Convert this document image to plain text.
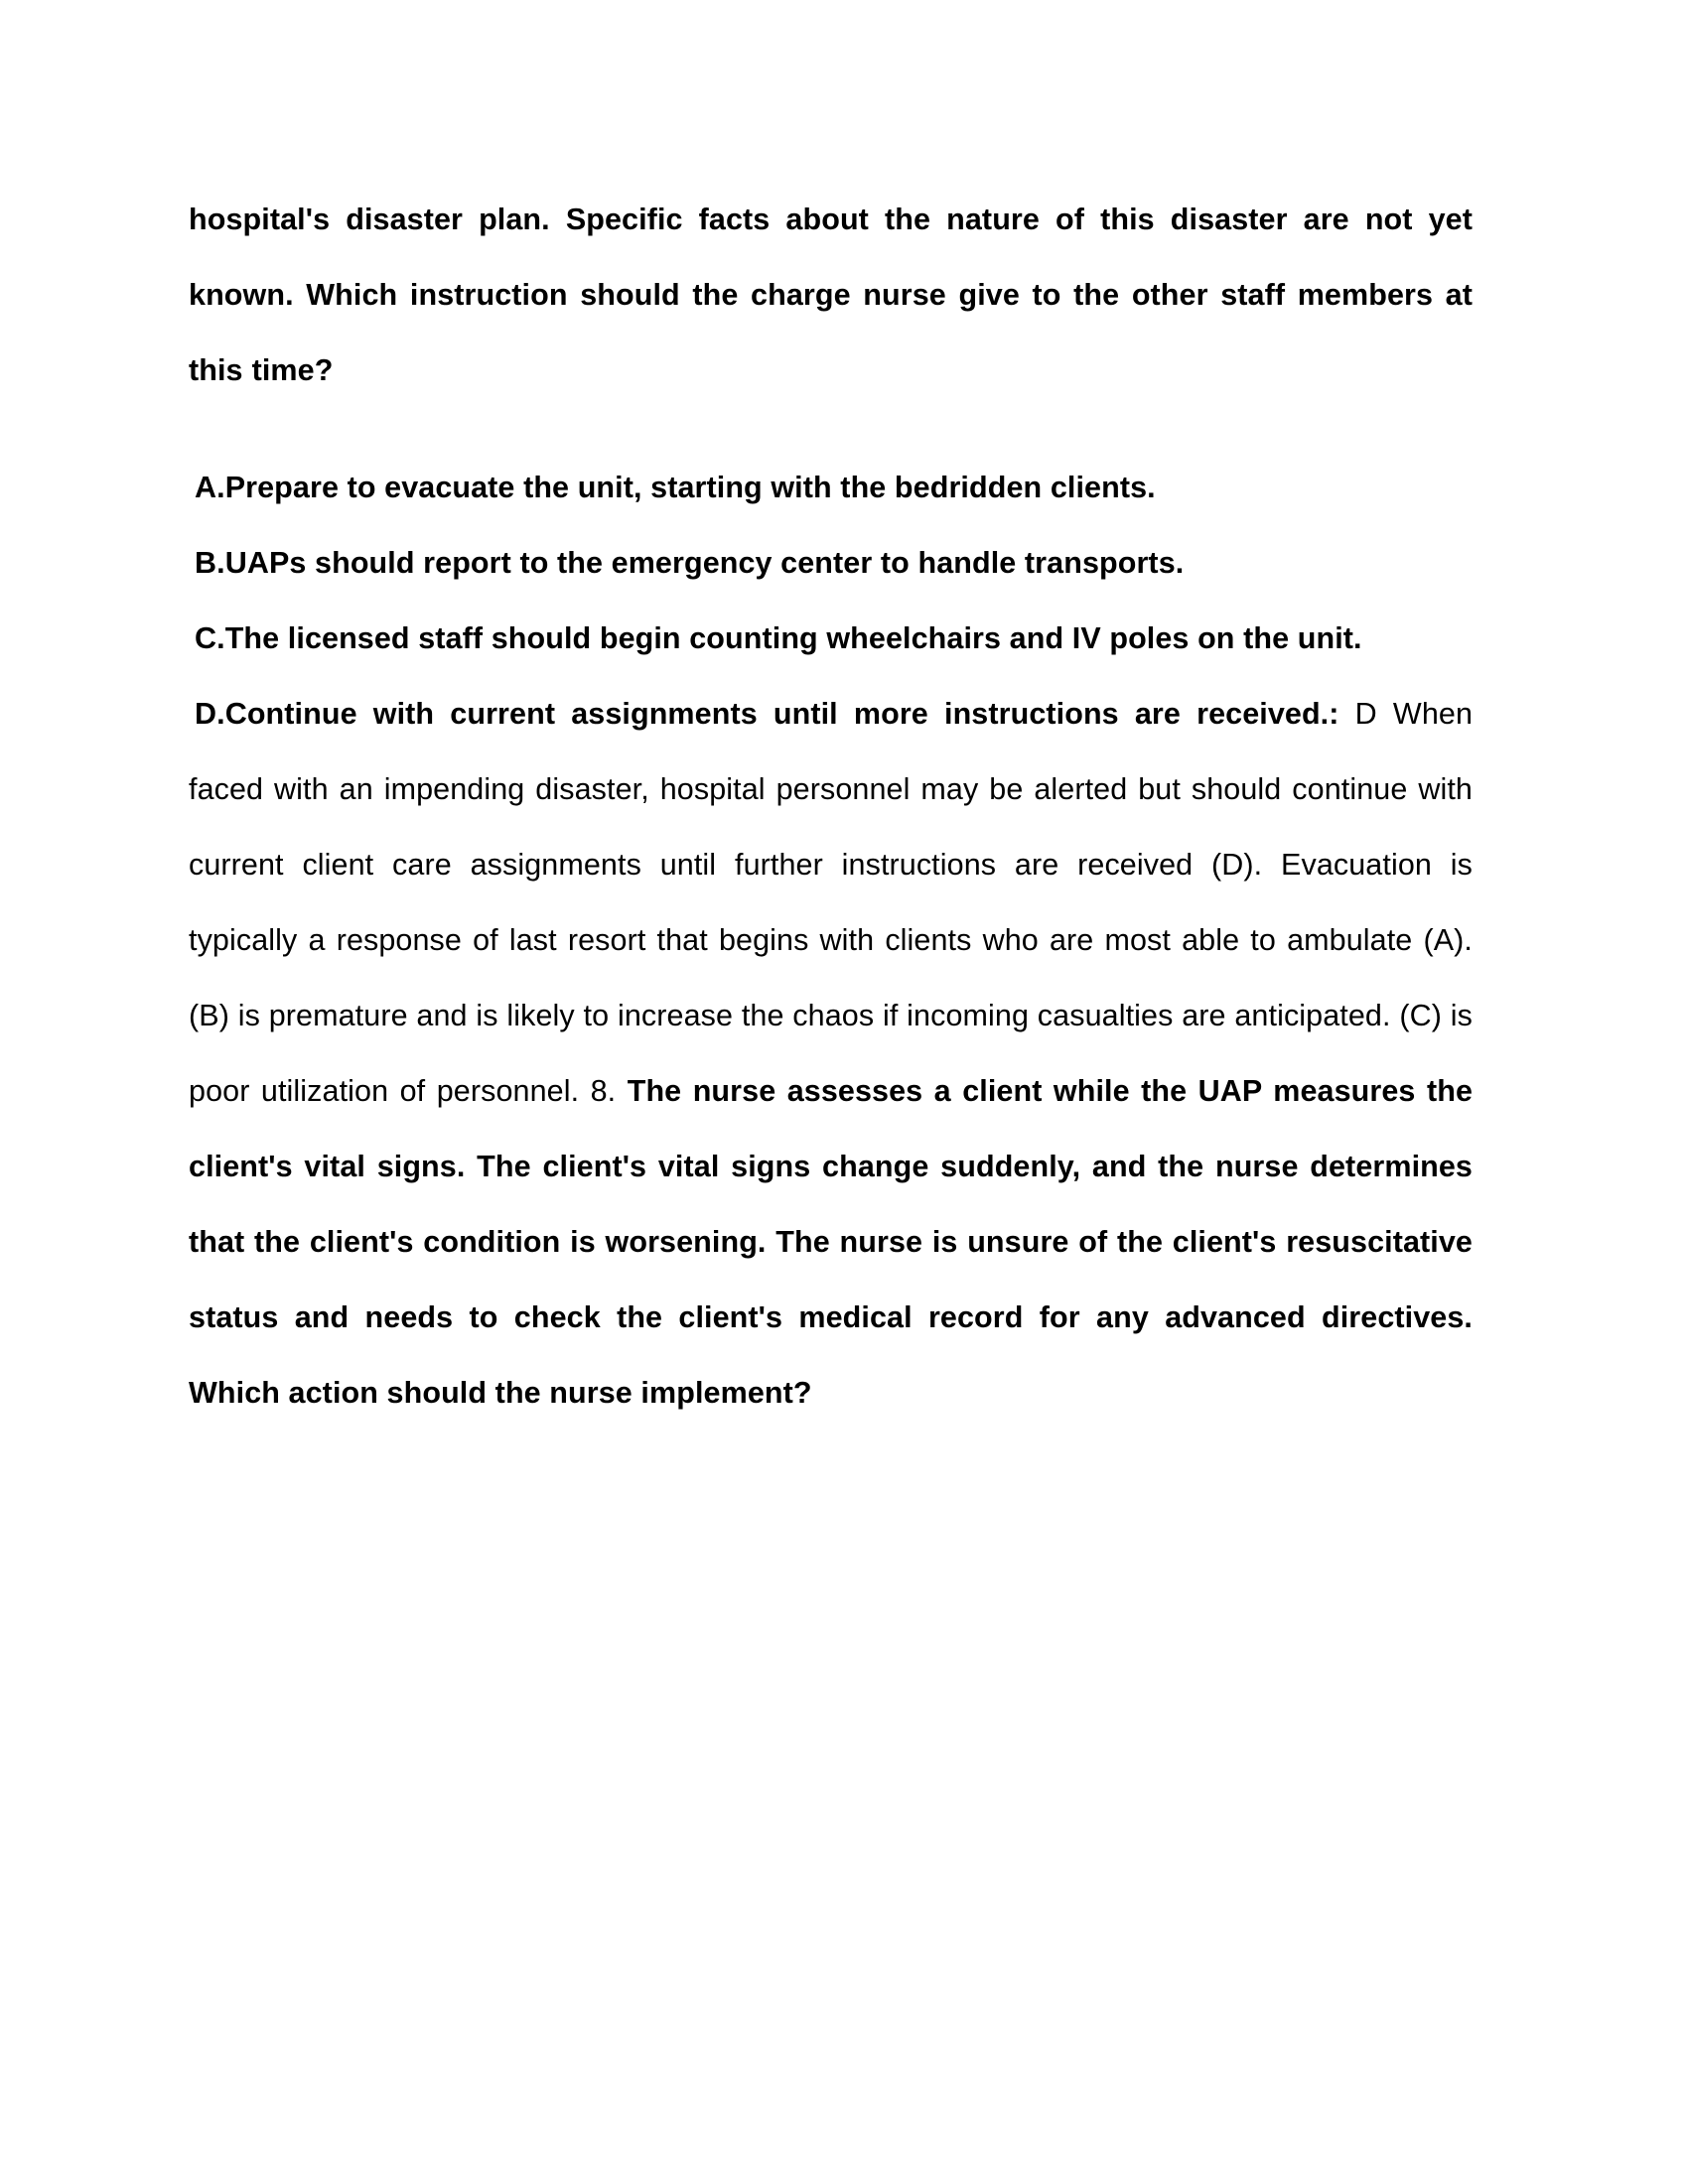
hospital's disaster plan. Specific facts about the nature of this disaster are not yet known. Which instruction should the charge nurse give to the other staff members at this time?

A.Prepare to evacuate the unit, starting with the bedridden clients.

B.UAPs should report to the emergency center to handle transports.

C.The licensed staff should begin counting wheelchairs and IV poles on the unit.

D.Continue with current assignments until more instructions are received.: D When faced with an impending disaster, hospital personnel may be alerted but should continue with current client care assignments until further instructions are received (D). Evacuation is typically a response of last resort that begins with clients who are most able to ambulate (A). (B) is premature and is likely to increase the chaos if incoming casualties are anticipated. (C) is poor utilization of personnel. 8. The nurse assesses a client while the UAP measures the client's vital signs. The client's vital signs change suddenly, and the nurse determines that the client's condition is worsening. The nurse is unsure of the client's resuscitative status and needs to check the client's medical record for any advanced directives. Which action should the nurse implement?
